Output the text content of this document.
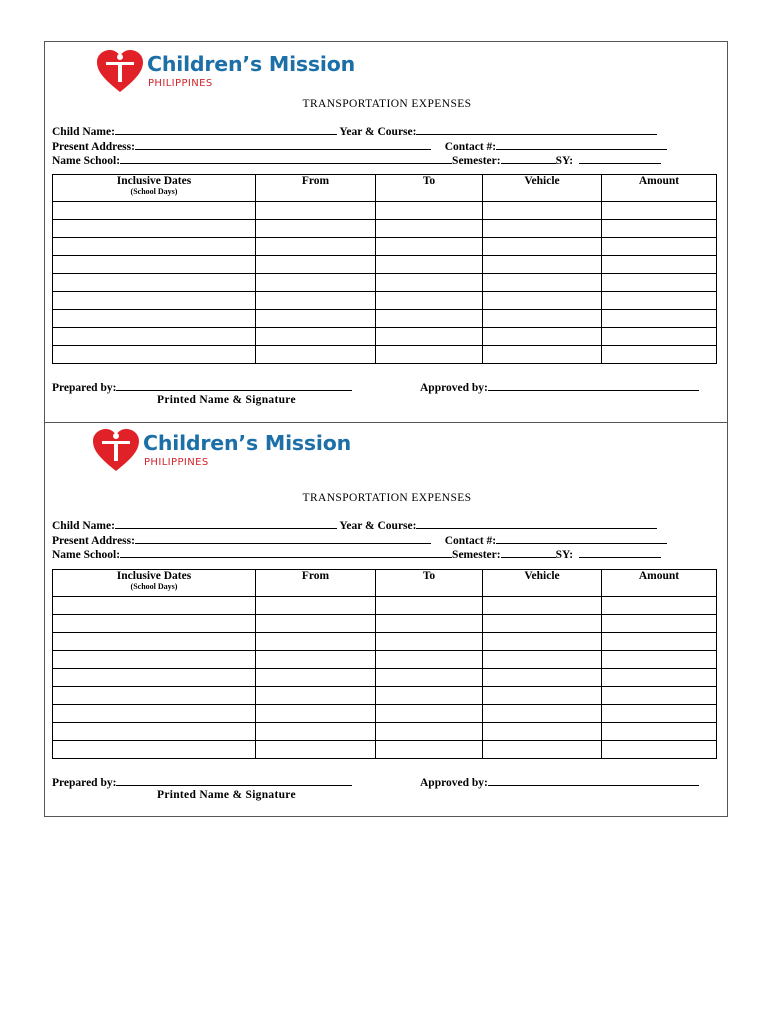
Children’s Mission
PHILIPPINES
TRANSPORTATION EXPENSES
Child Name:	Year & Course:
Present Address:	Contact #:
Name School:	Semester:	SY:
Inclusive Dates
(School Days)	From	To	Vehicle	Amount

Prepared by:	Approved by:
Printed Name & Signature
Children’s Mission
PHILIPPINES
TRANSPORTATION EXPENSES
Child Name:	Year & Course:
Present Address:	Contact #:
Name School:	Semester:	SY:
Inclusive Dates
(School Days)	From	To	Vehicle	Amount

Prepared by:	Approved by:
Printed Name & Signature
